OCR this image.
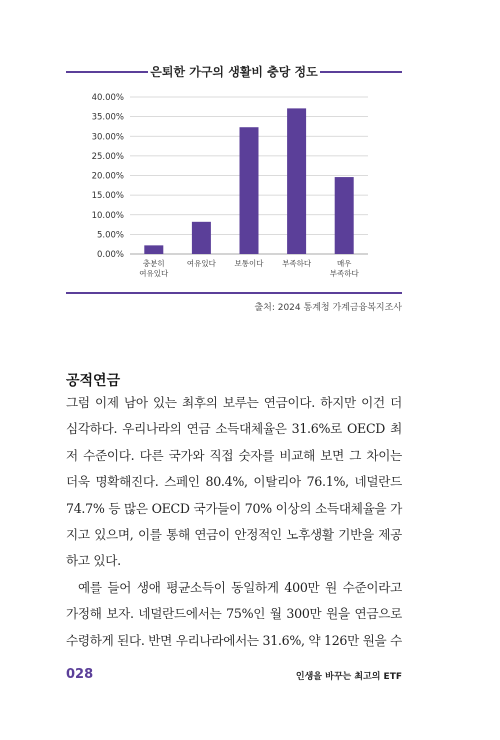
은퇴한 가구의 생활비 충당 정도
0.00%
5.00%
10.00%
15.00%
20.00%
25.00%
30.00%
35.00%
40.00%
충분히
여유있다
여유있다 보통이다 부족하다	매우
부족하다
출처: 2024 통계청 가계금융복지조사
공적연금

그럼 이제 남아 있는 최후의 보루는 연금이다. 하지만 이건 더 심각하다. 우리나라의 연금 소득대체율은 31.6%로 OECD 최저 수준이다. 다른 국가와 직접 숫자를 비교해 보면 그 차이는 더욱 명확해진다. 스페인 80.4%, 이탈리아 76.1%, 네덜란드 74.7% 등 많은 OECD 국가들이 70% 이상의 소득대체율을 가지고 있으며, 이를 통해 연금이 안정적인 노후생활 기반을 제공하고 있다.

예를 들어 생애 평균소득이 동일하게 400만 원 수준이라고 가정해 보자. 네덜란드에서는 75%인 월 300만 원을 연금으로 수령하게 된다. 반면 우리나라에서는 31.6%, 약 126만 원을 수

028	인생을 바꾸는 최고의 ETF
